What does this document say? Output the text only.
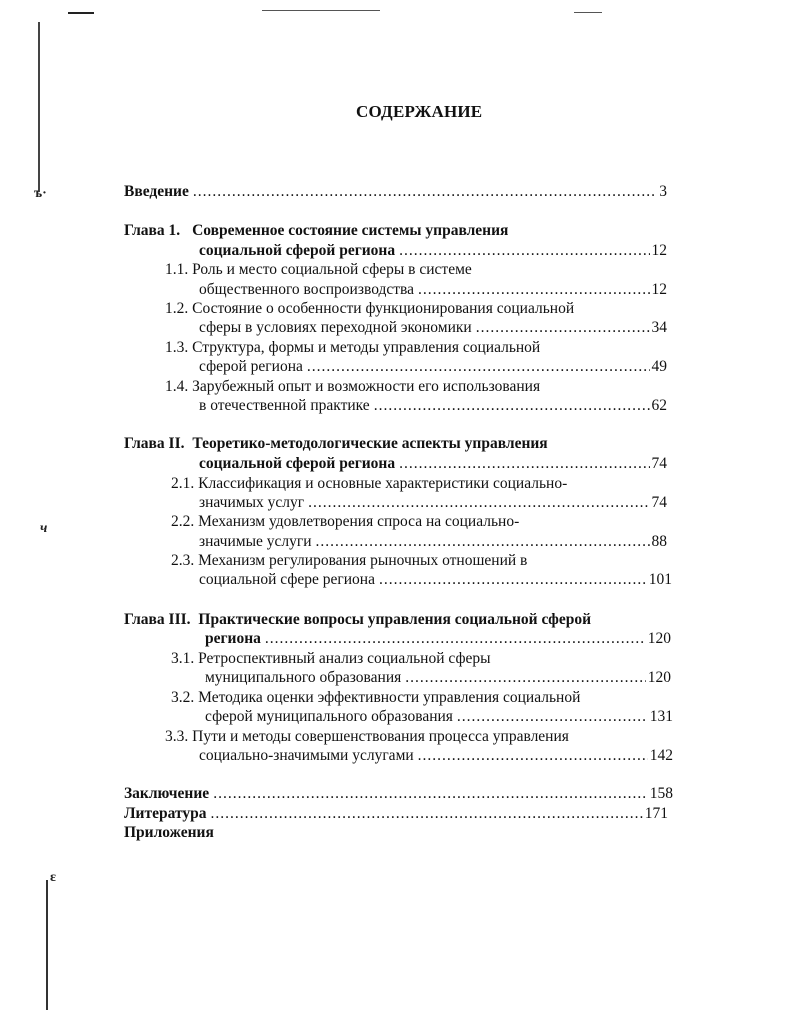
ъ·
ч
ɛ
СОДЕРЖАНИЕ
Введение .....	3
Глава 1. Современное состояние системы управления
социальной сферой региона .....	12
1.1. Роль и место социальной сферы в системе
общественного воспроизводства .....	12
1.2. Состояние о особенности функционирования социальной
сферы в условиях переходной экономики .....	34
1.3. Структура, формы и методы управления социальной
сферой региона .....	49
1.4. Зарубежный опыт и возможности его использования
в отечественной практике .....	62
Глава II. Теоретико-методологические аспекты управления
социальной сферой региона .....	74
2.1. Классификация и основные характеристики социально-
значимых услуг .....	74
2.2. Механизм удовлетворения спроса на социально-
значимые услуги .....	88
2.3. Механизм регулирования рыночных отношений в
социальной сфере региона .....	101
Глава III. Практические вопросы управления социальной сферой
региона .....	120
3.1. Ретроспективный анализ социальной сферы
муниципального образования .....	120
3.2. Методика оценки эффективности управления социальной
сферой муниципального образования .....	131
3.3. Пути и методы совершенствования процесса управления
социально-значимыми услугами .....	142
Заключение .....	158
Литература .....	171
Приложения
